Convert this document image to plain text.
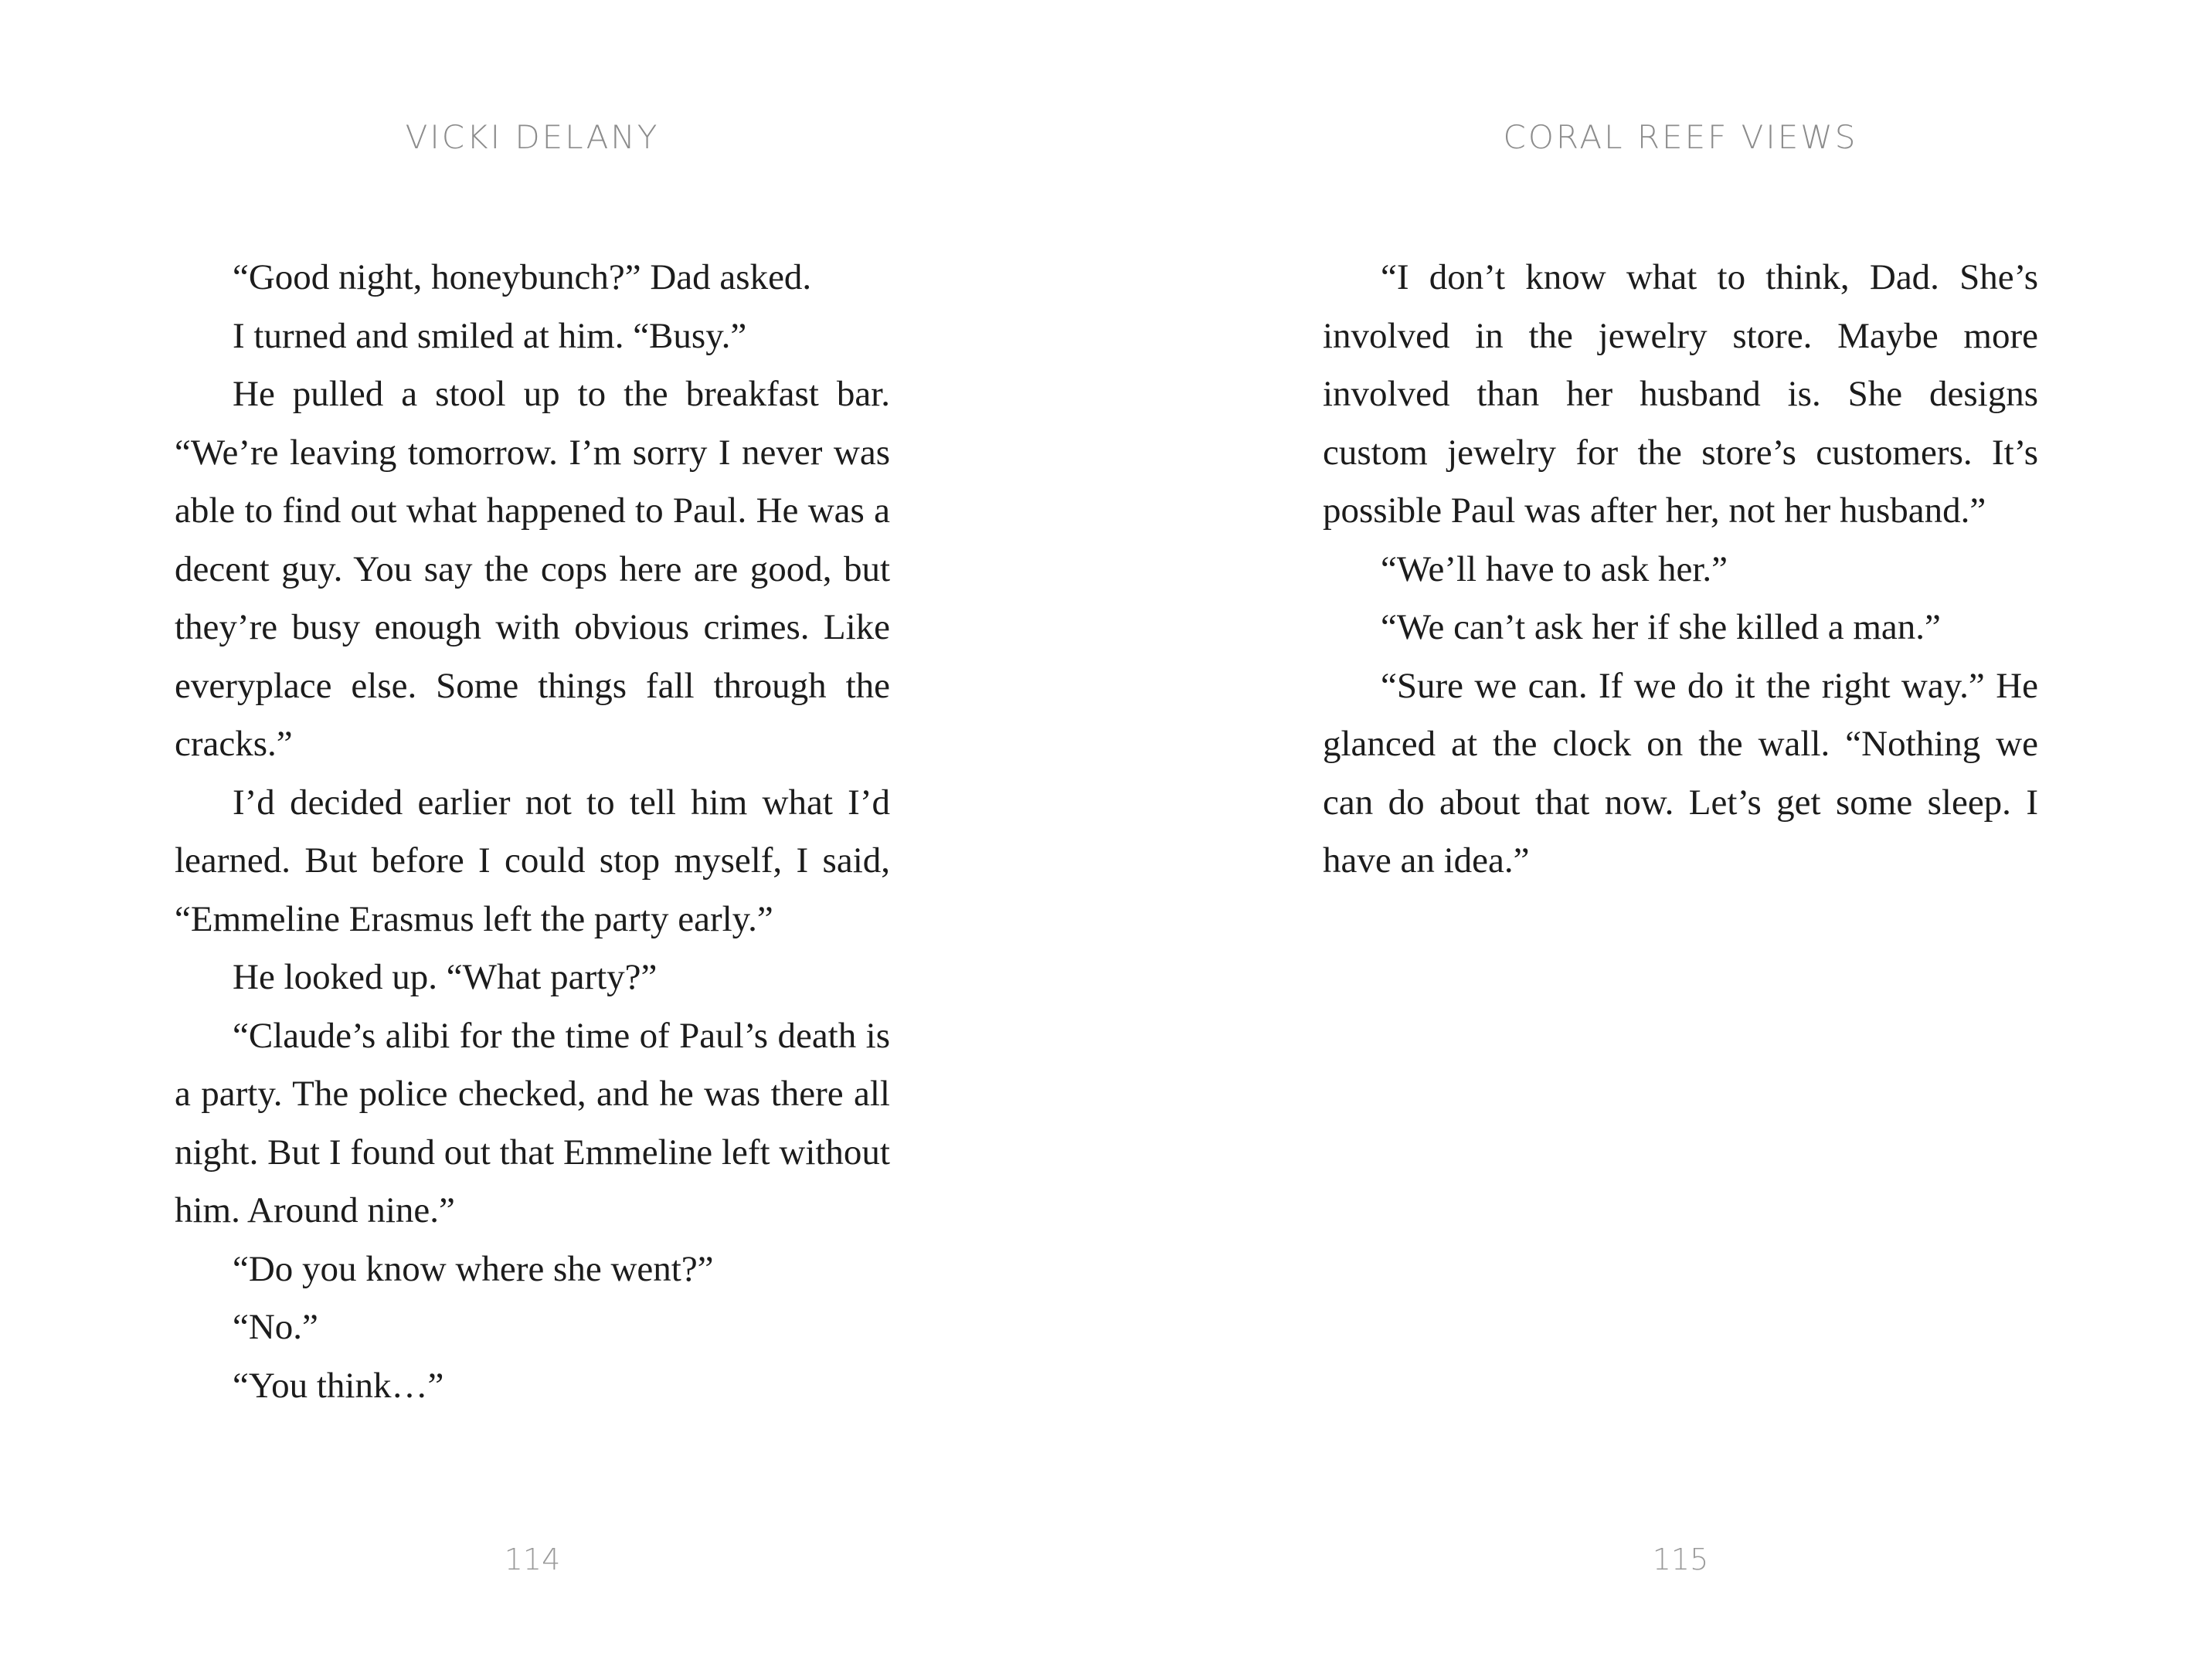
VICKI DELANY

“Good night, honeybunch?” Dad asked.

I turned and smiled at him. “Busy.”

He pulled a stool up to the breakfast bar. “We’re leaving tomorrow. I’m sorry I never was able to find out what happened to Paul. He was a decent guy. You say the cops here are good, but they’re busy enough with obvious crimes. Like everyplace else. Some things fall through the cracks.”

I’d decided earlier not to tell him what I’d learned. But before I could stop myself, I said, “Emmeline Erasmus left the party early.”

He looked up. “What party?”

“Claude’s alibi for the time of Paul’s death is a party. The police checked, and he was there all night. But I found out that Emmeline left without him. Around nine.”

“Do you know where she went?”

“No.”

“You think…”

114
CORAL REEF VIEWS

“I don’t know what to think, Dad. She’s involved in the jewelry store. Maybe more involved than her husband is. She designs custom jewelry for the store’s customers. It’s possible Paul was after her, not her husband.”

“We’ll have to ask her.”

“We can’t ask her if she killed a man.”

“Sure we can. If we do it the right way.” He glanced at the clock on the wall. “Nothing we can do about that now. Let’s get some sleep. I have an idea.”

115
